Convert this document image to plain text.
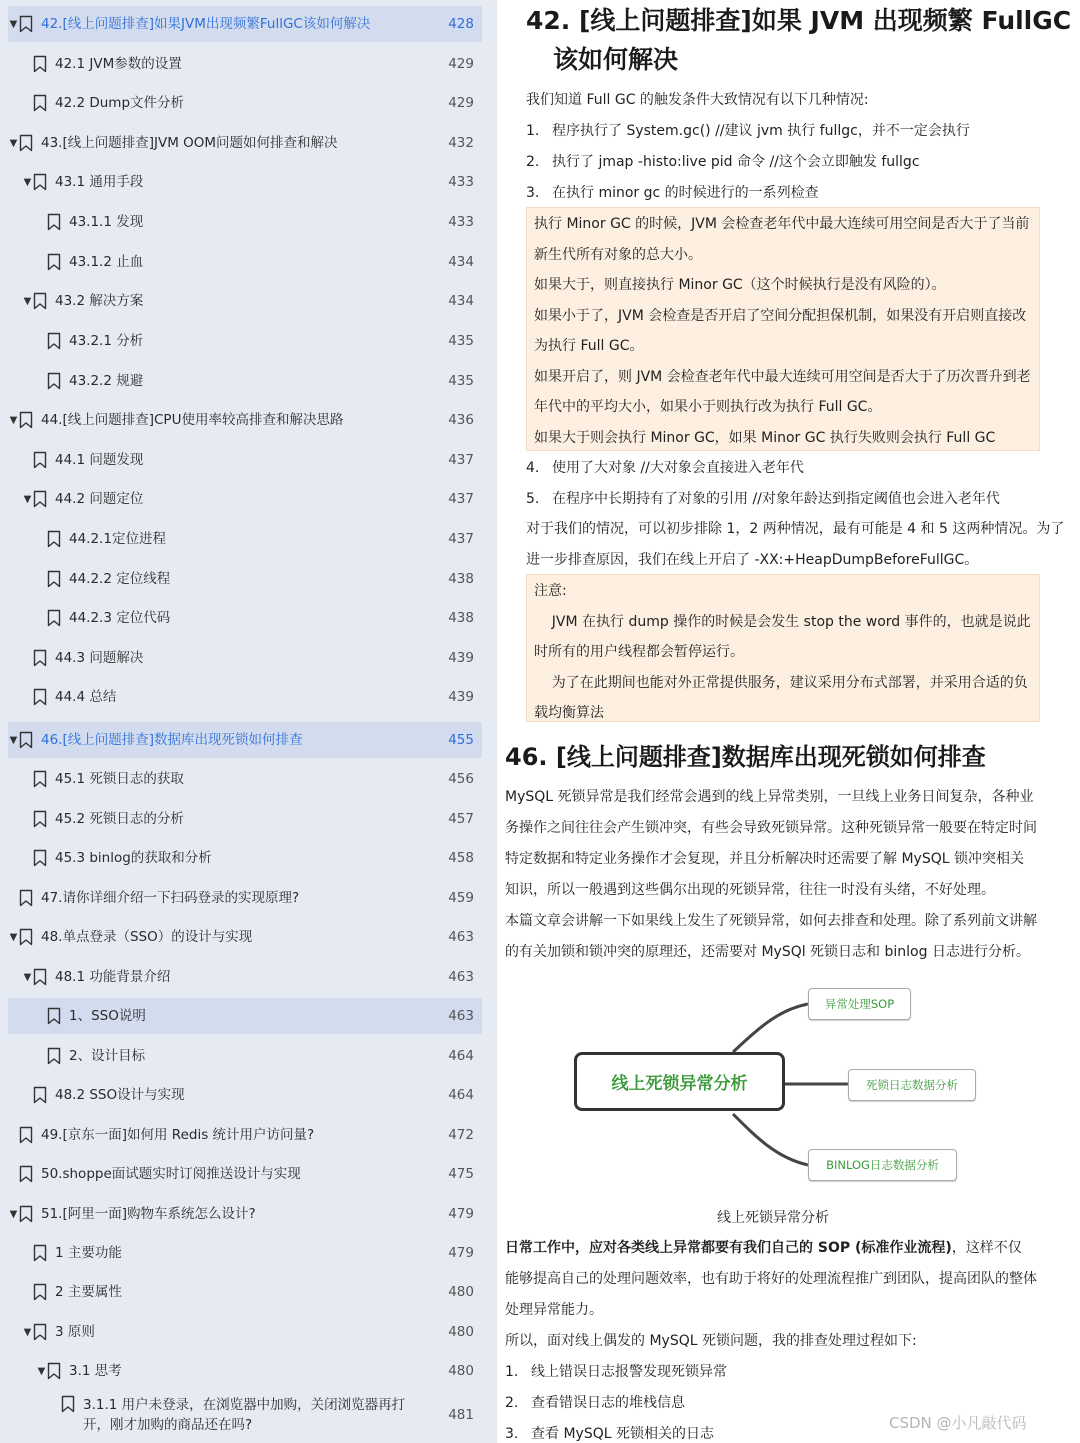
▼ 42.[线上问题排查]如果JVM出现频繁FullGC该如何解决	428
42.1 JVM参数的设置	429
42.2 Dump文件分析	429
▼ 43.[线上问题排查]JVM OOM问题如何排查和解决	432
▼ 43.1 通用手段	433
43.1.1 发现	433
43.1.2 止血	434
▼ 43.2 解决方案	434
43.2.1 分析	435
43.2.2 规避	435
▼ 44.[线上问题排查]CPU使用率较高排查和解决思路	436
44.1 问题发现	437
▼ 44.2 问题定位	437
44.2.1定位进程	437
44.2.2 定位线程	438
44.2.3 定位代码	438
44.3 问题解决	439
44.4 总结	439
▼ 46.[线上问题排查]数据库出现死锁如何排查	455
45.1 死锁日志的获取	456
45.2 死锁日志的分析	457
45.3 binlog的获取和分析	458
47.请你详细介绍一下扫码登录的实现原理?	459
▼ 48.单点登录（SSO）的设计与实现	463
▼ 48.1 功能背景介绍	463
1、SSO说明	463
2、设计目标	464
48.2 SSO设计与实现	464
49.[京东一面]如何用 Redis 统计用户访问量?	472
50.shoppe面试题实时订阅推送设计与实现	475
▼ 51.[阿里一面]购物车系统怎么设计?	479
1 主要功能	479
2 主要属性	480
▼ 3 原则	480
▼ 3.1 思考	480
3.1.1 用户未登录，在浏览器中加购，关闭浏览器再打开，刚才加购的商品还在吗?
481
42. [线上问题排查]如果 JVM 出现频繁 FullGC
该如何解决
我们知道 Full GC 的触发条件大致情况有以下几种情况:
1. 程序执行了 System.gc() //建议 jvm 执行 fullgc，并不一定会执行
2. 执行了 jmap -histo:live pid 命令 //这个会立即触发 fullgc
3. 在执行 minor gc 的时候进行的一系列检查
执行 Minor GC 的时候，JVM 会检查老年代中最大连续可用空间是否大于了当前
新生代所有对象的总大小。
如果大于，则直接执行 Minor GC（这个时候执行是没有风险的）。
如果小于了，JVM 会检查是否开启了空间分配担保机制，如果没有开启则直接改
为执行 Full GC。
如果开启了，则 JVM 会检查老年代中最大连续可用空间是否大于了历次晋升到老
年代中的平均大小，如果小于则执行改为执行 Full GC。
如果大于则会执行 Minor GC，如果 Minor GC 执行失败则会执行 Full GC
4. 使用了大对象 //大对象会直接进入老年代
5. 在程序中长期持有了对象的引用 //对象年龄达到指定阈值也会进入老年代
对于我们的情况，可以初步排除 1，2 两种情况，最有可能是 4 和 5 这两种情况。为了
进一步排查原因，我们在线上开启了 -XX:+HeapDumpBeforeFullGC。
注意:
JVM 在执行 dump 操作的时候是会发生 stop the word 事件的，也就是说此
时所有的用户线程都会暂停运行。
为了在此期间也能对外正常提供服务，建议采用分布式部署，并采用合适的负
载均衡算法
46. [线上问题排查]数据库出现死锁如何排查
MySQL 死锁异常是我们经常会遇到的线上异常类别，一旦线上业务日间复杂，各种业
务操作之间往往会产生锁冲突，有些会导致死锁异常。这种死锁异常一般要在特定时间
特定数据和特定业务操作才会复现，并且分析解决时还需要了解 MySQL 锁冲突相关
知识，所以一般遇到这些偶尔出现的死锁异常，往往一时没有头绪，不好处理。
本篇文章会讲解一下如果线上发生了死锁异常，如何去排查和处理。除了系列前文讲解
的有关加锁和锁冲突的原理还，还需要对 MySQl 死锁日志和 binlog 日志进行分析。
线上死锁异常分析
异常处理SOP
死锁日志数据分析
BINLOG日志数据分析
线上死锁异常分析
日常工作中，应对各类线上异常都要有我们自己的 SOP (标准作业流程)，这样不仅
能够提高自己的处理问题效率，也有助于将好的处理流程推广到团队，提高团队的整体
处理异常能力。
所以，面对线上偶发的 MySQL 死锁问题，我的排查处理过程如下:
1. 线上错误日志报警发现死锁异常
2. 查看错误日志的堆栈信息
3. 查看 MySQL 死锁相关的日志
CSDN @小凡敲代码
